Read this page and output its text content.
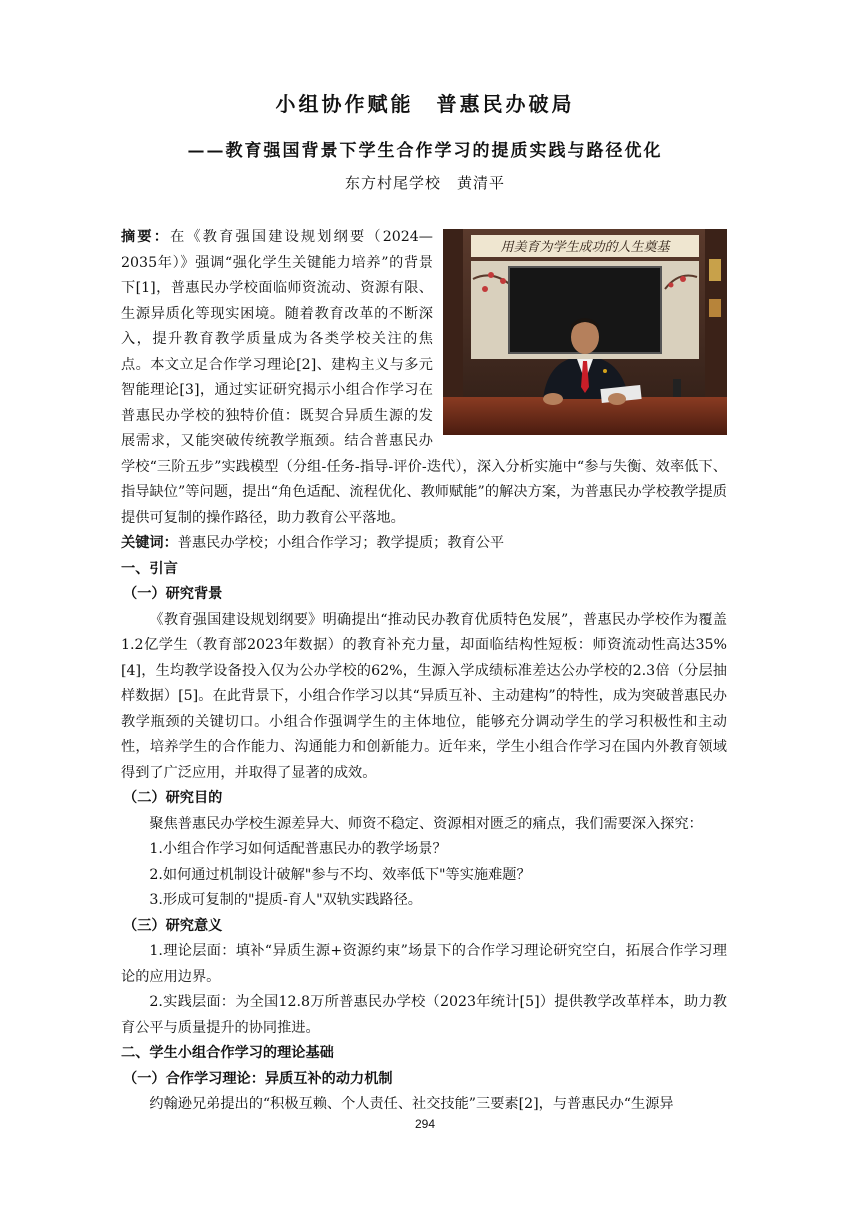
小组协作赋能　普惠民办破局
——教育强国背景下学生合作学习的提质实践与路径优化
东方村尾学校　黄清平
用美育为学生成功的人生奠基

摘要：在《教育强国建设规划纲要（2024—2035年）》强调“强化学生关键能力培养”的背景下[1]，普惠民办学校面临师资流动、资源有限、生源异质化等现实困境。随着教育改革的不断深入，提升教育教学质量成为各类学校关注的焦点。本文立足合作学习理论[2]、建构主义与多元智能理论[3]，通过实证研究揭示小组合作学习在普惠民办学校的独特价值：既契合异质生源的发展需求，又能突破传统教学瓶颈。结合普惠民办学校“三阶五步”实践模型（分组-任务-指导-评价-迭代），深入分析实施中“参与失衡、效率低下、指导缺位”等问题，提出“角色适配、流程优化、教师赋能”的解决方案，为普惠民办学校教学提质提供可复制的操作路径，助力教育公平落地。

关键词：普惠民办学校；小组合作学习；教学提质；教育公平

一、引言

（一）研究背景

《教育强国建设规划纲要》明确提出“推动民办教育优质特色发展”，普惠民办学校作为覆盖1.2亿学生（教育部2023年数据）的教育补充力量，却面临结构性短板：师资流动性高达35%[4]，生均教学设备投入仅为公办学校的62%，生源入学成绩标准差达公办学校的2.3倍（分层抽样数据）[5]。在此背景下，小组合作学习以其“异质互补、主动建构”的特性，成为突破普惠民办教学瓶颈的关键切口。小组合作强调学生的主体地位，能够充分调动学生的学习积极性和主动性，培养学生的合作能力、沟通能力和创新能力。近年来，学生小组合作学习在国内外教育领域得到了广泛应用，并取得了显著的成效。

（二）研究目的

聚焦普惠民办学校生源差异大、师资不稳定、资源相对匮乏的痛点，我们需要深入探究：

1.小组合作学习如何适配普惠民办的教学场景？

2.如何通过机制设计破解"参与不均、效率低下"等实施难题？

3.形成可复制的"提质-育人"双轨实践路径。

（三）研究意义

1.理论层面：填补“异质生源+资源约束”场景下的合作学习理论研究空白，拓展合作学习理论的应用边界。

2.实践层面：为全国12.8万所普惠民办学校（2023年统计[5]）提供教学改革样本，助力教育公平与质量提升的协同推进。

二、学生小组合作学习的理论基础

（一）合作学习理论：异质互补的动力机制

约翰逊兄弟提出的“积极互赖、个人责任、社交技能”三要素[2]，与普惠民办“生源异

294
